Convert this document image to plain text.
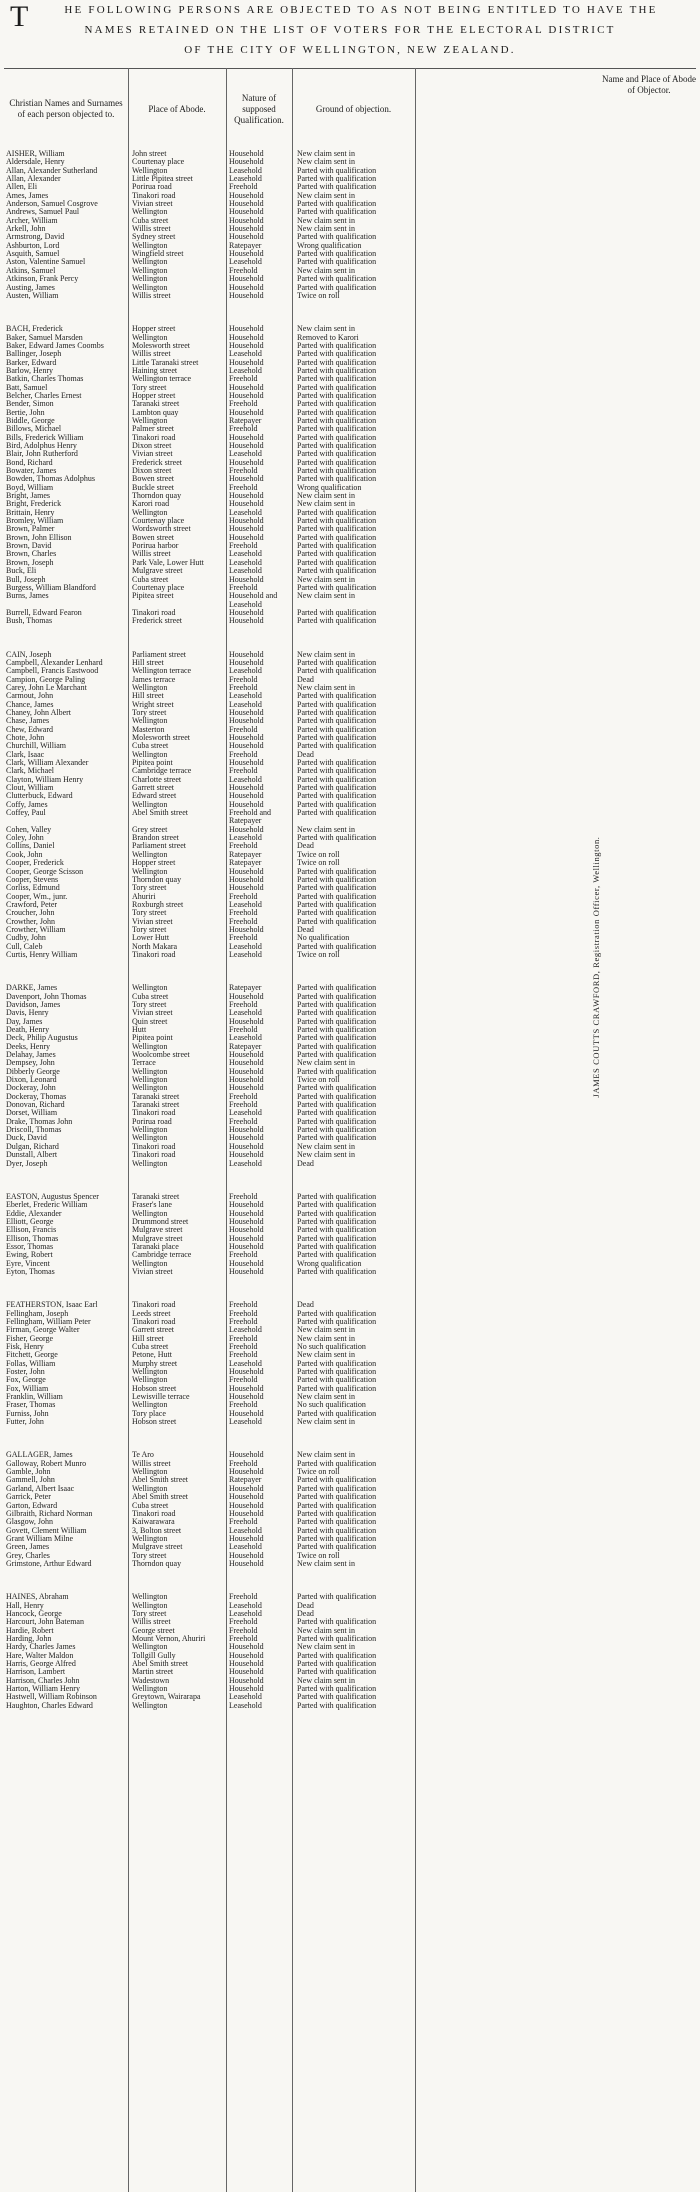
T	HE FOLLOWING PERSONS ARE OBJECTED TO AS NOT BEING ENTITLED TO HAVE THE
NAMES RETAINED ON THE LIST OF VOTERS FOR THE ELECTORAL DISTRICT
OF THE CITY OF WELLINGTON, NEW ZEALAND.
Christian Names and Surnames of each person objected to.
Place of Abode.
Nature of supposed Qualification.
Ground of objection.
Name and Place of Abode of Objector.
AISHER, William	John street	Household	New claim sent in
Aldersdale, Henry	Courtenay place	Household	New claim sent in
Allan, Alexander Sutherland	Wellington	Leasehold	Parted with qualification
Allan, Alexander	Little Pipitea street	Leasehold	Parted with qualification
Allen, Eli	Porirua road	Freehold	Parted with qualification
Ames, James	Tinakori road	Household	New claim sent in
Anderson, Samuel Cosgrove	Vivian street	Household	Parted with qualification
Andrews, Samuel Paul	Wellington	Household	Parted with qualification
Archer, William	Cuba street	Household	New claim sent in
Arkell, John	Willis street	Household	New claim sent in
Armstrong, David	Sydney street	Household	Parted with qualification
Ashburton, Lord	Wellington	Ratepayer	Wrong qualification
Asquith, Samuel	Wingfield street	Household	Parted with qualification
Aston, Valentine Samuel	Wellington	Leasehold	Parted with qualification
Atkins, Samuel	Wellington	Freehold	New claim sent in
Atkinson, Frank Percy	Wellington	Household	Parted with qualification
Austing, James	Wellington	Household	Parted with qualification
Austen, William	Willis street	Household	Twice on roll
BACH, Frederick	Hopper street	Household	New claim sent in
Baker, Samuel Marsden	Wellington	Household	Removed to Karori
Baker, Edward James Coombs	Molesworth street	Household	Parted with qualification
Ballinger, Joseph	Willis street	Leasehold	Parted with qualification
Barker, Edward	Little Taranaki street	Household	Parted with qualification
Barlow, Henry	Haining street	Leasehold	Parted with qualification
Batkin, Charles Thomas	Wellington terrace	Freehold	Parted with qualification
Batt, Samuel	Tory street	Household	Parted with qualification
Belcher, Charles Ernest	Hopper street	Household	Parted with qualification
Bender, Simon	Taranaki street	Freehold	Parted with qualification
Bertie, John	Lambton quay	Household	Parted with qualification
Biddle, George	Wellington	Ratepayer	Parted with qualification
Billows, Michael	Palmer street	Freehold	Parted with qualification
Bills, Frederick William	Tinakori road	Household	Parted with qualification
Bird, Adolphus Henry	Dixon street	Household	Parted with qualification
Blair, John Rutherford	Vivian street	Leasehold	Parted with qualification
Bond, Richard	Frederick street	Household	Parted with qualification
Bowater, James	Dixon street	Freehold	Parted with qualification
Bowden, Thomas Adolphus	Bowen street	Household	Parted with qualification
Boyd, William	Buckle street	Freehold	Wrong qualification
Bright, James	Thorndon quay	Household	New claim sent in
Bright, Frederick	Karori road	Household	New claim sent in
Brittain, Henry	Wellington	Leasehold	Parted with qualification
Bromley, William	Courtenay place	Household	Parted with qualification
Brown, Palmer	Wordsworth street	Household	Parted with qualification
Brown, John Ellison	Bowen street	Household	Parted with qualification
Brown, David	Porirua harbor	Freehold	Parted with qualification
Brown, Charles	Willis street	Leasehold	Parted with qualification
Brown, Joseph	Park Vale, Lower Hutt	Leasehold	Parted with qualification
Buck, Eli	Mulgrave street	Leasehold	Parted with qualification
Bull, Joseph	Cuba street	Household	New claim sent in
Burgess, William Blandford	Courtenay place	Freehold	Parted with qualification
Burns, James	Pipitea street	Household and	New claim sent in
Leasehold
Burrell, Edward Fearon	Tinakori road	Household	Parted with qualification
Bush, Thomas	Frederick street	Household	Parted with qualification
CAIN, Joseph	Parliament street	Household	New claim sent in
Campbell, Alexander Lenhard	Hill street	Household	Parted with qualification
Campbell, Francis Eastwood	Wellington terrace	Leasehold	Parted with qualification
Campion, George Paling	James terrace	Freehold	Dead
Carey, John Le Marchant	Wellington	Freehold	New claim sent in
Carmout, John	Hill street	Leasehold	Parted with qualification
Chance, James	Wright street	Leasehold	Parted with qualification
Chaney, John Albert	Tory street	Household	Parted with qualification
Chase, James	Wellington	Household	Parted with qualification
Chew, Edward	Masterton	Freehold	Parted with qualification
Chote, John	Molesworth street	Household	Parted with qualification
Churchill, William	Cuba street	Household	Parted with qualification
Clark, Isaac	Wellington	Freehold	Dead
Clark, William Alexander	Pipitea point	Household	Parted with qualification
Clark, Michael	Cambridge terrace	Freehold	Parted with qualification
Clayton, William Henry	Charlotte street	Leasehold	Parted with qualification
Clout, William	Garrett street	Household	Parted with qualification
Clutterbuck, Edward	Edward street	Household	Parted with qualification
Coffy, James	Wellington	Household	Parted with qualification
Coffey, Paul	Abel Smith street	Freehold and	Parted with qualification
Ratepayer
Cohen, Valley	Grey street	Household	New claim sent in
Coley, John	Brandon street	Leasehold	Parted with qualification
Collins, Daniel	Parliament street	Freehold	Dead
Cook, John	Wellington	Ratepayer	Twice on roll
Cooper, Frederick	Hopper street	Ratepayer	Twice on roll
Cooper, George Scisson	Wellington	Household	Parted with qualification
Cooper, Stevens	Thorndon quay	Household	Parted with qualification
Corliss, Edmund	Tory street	Household	Parted with qualification
Cooper, Wm., junr.	Ahuriri	Freehold	Parted with qualification
Crawford, Peter	Roxburgh street	Leasehold	Parted with qualification
Croucher, John	Tory street	Freehold	Parted with qualification
Crowther, John	Vivian street	Freehold	Parted with qualification
Crowther, William	Tory street	Household	Dead
Cudby, John	Lower Hutt	Freehold	No qualification
Cull, Caleb	North Makara	Leasehold	Parted with qualification
Curtis, Henry William	Tinakori road	Leasehold	Twice on roll
DARKE, James	Wellington	Ratepayer	Parted with qualification
Davenport, John Thomas	Cuba street	Household	Parted with qualification
Davidson, James	Tory street	Freehold	Parted with qualification
Davis, Henry	Vivian street	Leasehold	Parted with qualification
Day, James	Quin street	Household	Parted with qualification
Death, Henry	Hutt	Freehold	Parted with qualification
Deck, Philip Augustus	Pipitea point	Leasehold	Parted with qualification
Deeks, Henry	Wellington	Ratepayer	Parted with qualification
Delahay, James	Woolcombe street	Household	Parted with qualification
Dempsey, John	Terrace	Household	New claim sent in
Dibberly George	Wellington	Household	Parted with qualification
Dixon, Leonard	Wellington	Household	Twice on roll
Dockeray, John	Wellington	Household	Parted with qualification
Dockeray, Thomas	Taranaki street	Freehold	Parted with qualification
Donovan, Richard	Taranaki street	Freehold	Parted with qualification
Dorset, William	Tinakori road	Leasehold	Parted with qualification
Drake, Thomas John	Porirua road	Freehold	Parted with qualification
Driscoll, Thomas	Wellington	Household	Parted with qualification
Duck, David	Wellington	Household	Parted with qualification
Dulgan, Richard	Tinakori road	Household	New claim sent in
Dunstall, Albert	Tinakori road	Household	New claim sent in
Dyer, Joseph	Wellington	Leasehold	Dead
EASTON, Augustus Spencer	Taranaki street	Freehold	Parted with qualification
Eberlet, Frederic William	Fraser's lane	Household	Parted with qualification
Eddie, Alexander	Wellington	Household	Parted with qualification
Elliott, George	Drummond street	Household	Parted with qualification
Ellison, Francis	Mulgrave street	Household	Parted with qualification
Ellison, Thomas	Mulgrave street	Household	Parted with qualification
Essor, Thomas	Taranaki place	Household	Parted with qualification
Ewing, Robert	Cambridge terrace	Freehold	Parted with qualification
Eyre, Vincent	Wellington	Household	Wrong qualification
Eyton, Thomas	Vivian street	Household	Parted with qualification
FEATHERSTON, Isaac Earl	Tinakori road	Freehold	Dead
Fellingham, Joseph	Leeds street	Freehold	Parted with qualification
Fellingham, William Peter	Tinakori road	Freehold	Parted with qualification
Firman, George Walter	Garrett street	Leasehold	New claim sent in
Fisher, George	Hill street	Freehold	New claim sent in
Fisk, Henry	Cuba street	Freehold	No such qualification
Fitchett, George	Petone, Hutt	Freehold	New claim sent in
Follas, William	Murphy street	Leasehold	Parted with qualification
Foster, John	Wellington	Household	Parted with qualification
Fox, George	Wellington	Freehold	Parted with qualification
Fox, William	Hobson street	Household	Parted with qualification
Franklin, William	Lewisville terrace	Household	New claim sent in
Fraser, Thomas	Wellington	Freehold	No such qualification
Furniss, John	Tory place	Household	Parted with qualification
Futter, John	Hobson street	Leasehold	New claim sent in
GALLAGER, James	Te Aro	Household	New claim sent in
Galloway, Robert Munro	Willis street	Freehold	Parted with qualification
Gamble, John	Wellington	Household	Twice on roll
Gammell, John	Abel Smith street	Ratepayer	Parted with qualification
Garland, Albert Isaac	Wellington	Household	Parted with qualification
Garrick, Peter	Abel Smith street	Household	Parted with qualification
Garton, Edward	Cuba street	Household	Parted with qualification
Gilbraith, Richard Norman	Tinakori road	Household	Parted with qualification
Glasgow, John	Kaiwarawara	Freehold	Parted with qualification
Govett, Clement William	3, Bolton street	Leasehold	Parted with qualification
Grant William Milne	Wellington	Household	Parted with qualification
Green, James	Mulgrave street	Leasehold	Parted with qualification
Grey, Charles	Tory street	Household	Twice on roll
Grimstone, Arthur Edward	Thorndon quay	Household	New claim sent in
HAINES, Abraham	Wellington	Freehold	Parted with qualification
Hall, Henry	Wellington	Leasehold	Dead
Hancock, George	Tory street	Leasehold	Dead
Harcourt, John Bateman	Willis street	Freehold	Parted with qualification
Hardie, Robert	George street	Freehold	New claim sent in
Harding, John	Mount Vernon, Ahuriri	Freehold	Parted with qualification
Hardy, Charles James	Wellington	Household	New claim sent in
Hare, Walter Maldon	Tollgill Gully	Household	Parted with qualification
Harris, George Alfred	Abel Smith street	Household	Parted with qualification
Harrison, Lambert	Martin street	Household	Parted with qualification
Harrison, Charles John	Wadestown	Household	New claim sent in
Harton, William Henry	Wellington	Household	Parted with qualification
Hastwell, William Robinson	Greytown, Wairarapa	Leasehold	Parted with qualification
Haughton, Charles Edward	Wellington	Leasehold	Parted with qualification
JAMES COUTTS CRAWFORD, Registration Officer, Wellington.
